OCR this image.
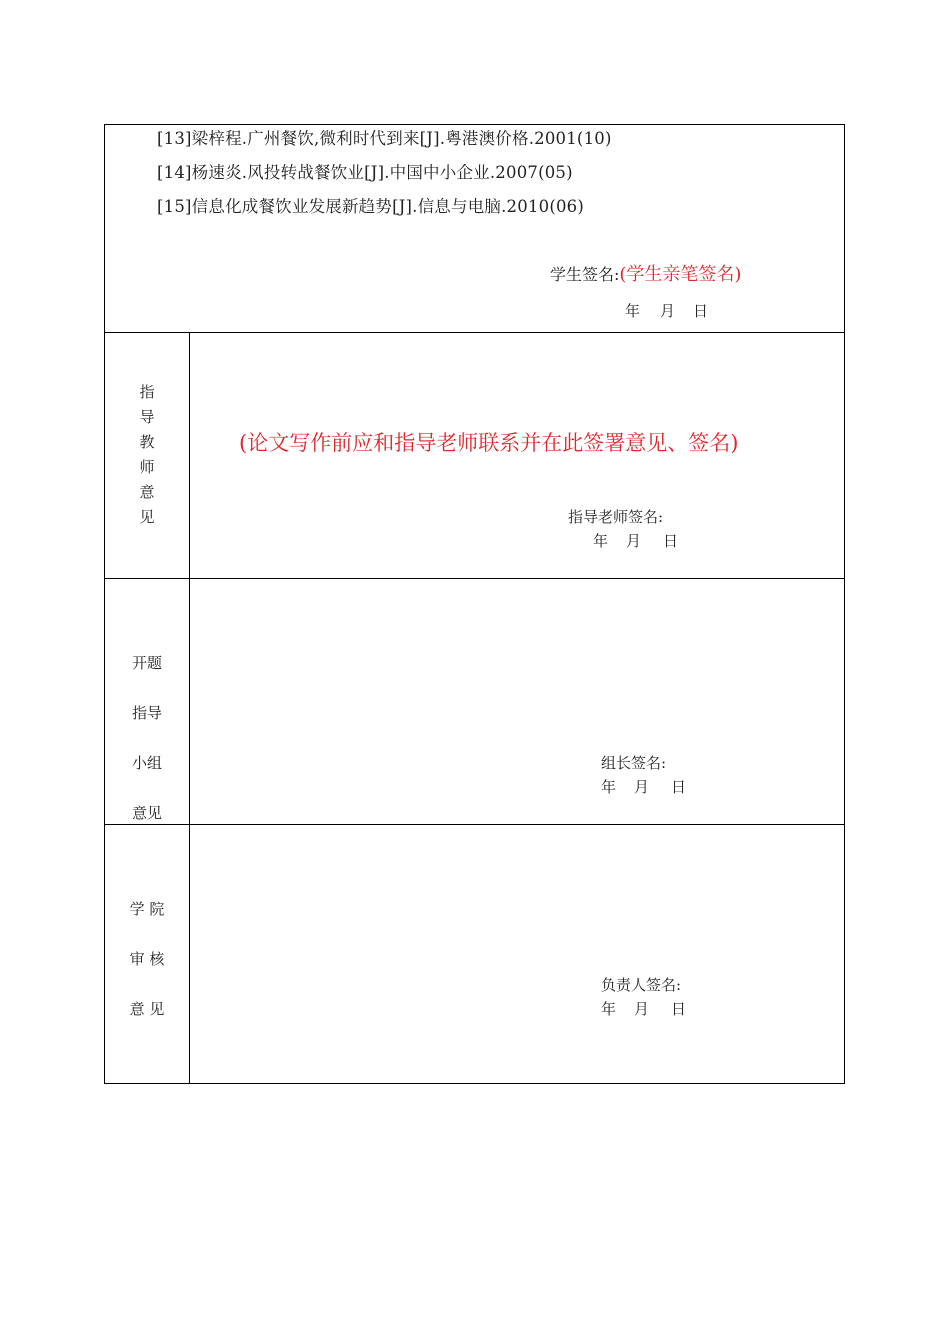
[13]梁梓程.广州餐饮,微利时代到来[J].粤港澳价格.2001(10)
[14]杨速炎.风投转战餐饮业[J].中国中小企业.2007(05)
[15]信息化成餐饮业发展新趋势[J].信息与电脑.2010(06)
学生签名:(学生亲笔签名)
年 月 日
指
导
教
师
意
见
(论文写作前应和指导老师联系并在此签署意见、签名)
指导老师签名:
年 月 日
开题
指导
小组
意见
组长签名:
年 月 日
学 院
审 核
意 见
负责人签名:
年 月 日
